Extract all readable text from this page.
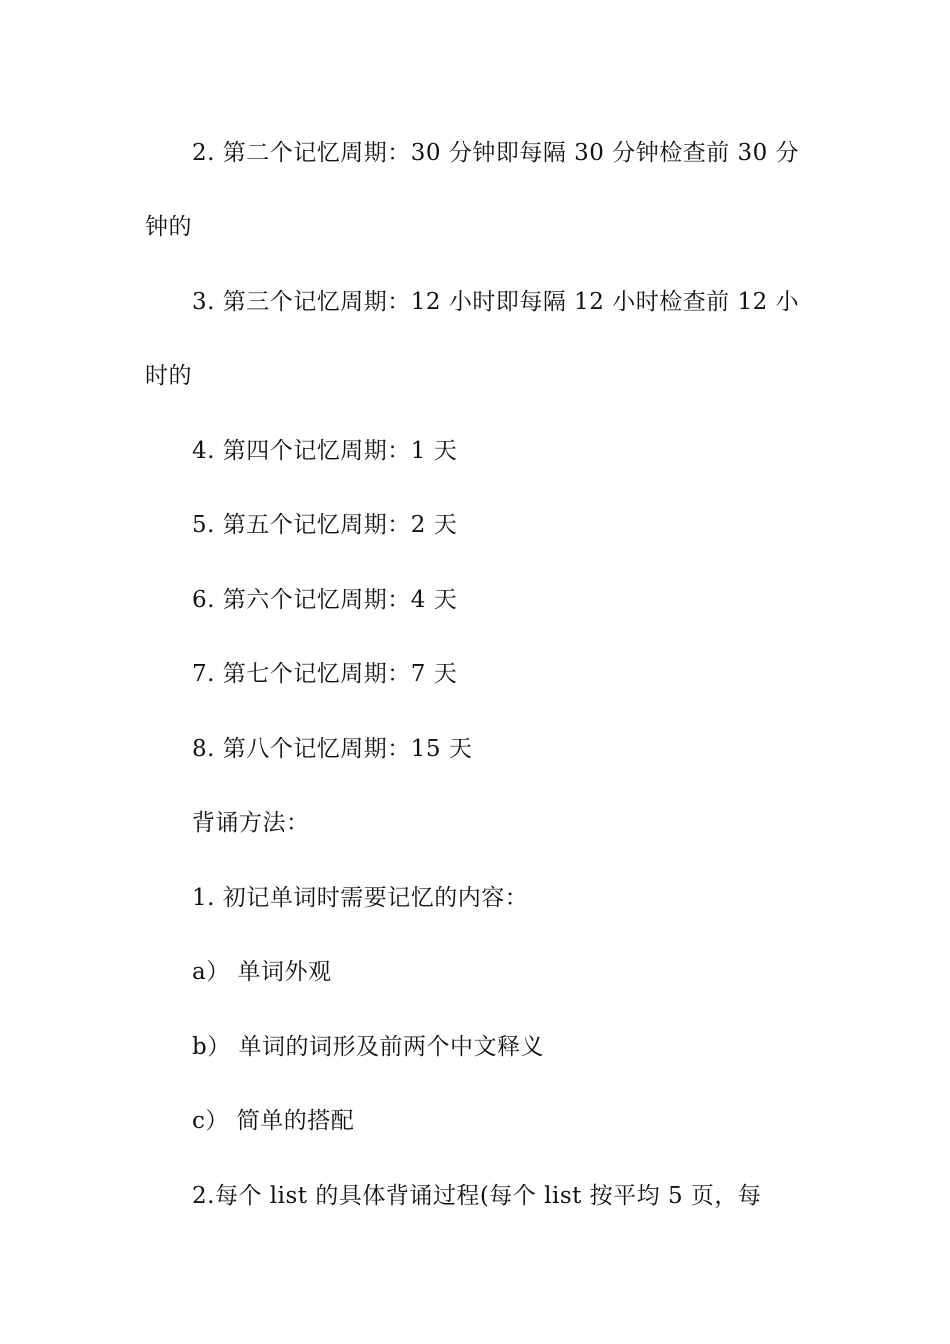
2. 第二个记忆周期：30 分钟即每隔 30 分钟检查前 30 分
钟的
3. 第三个记忆周期：12 小时即每隔 12 小时检查前 12 小
时的
4. 第四个记忆周期：1 天
5. 第五个记忆周期：2 天
6. 第六个记忆周期：4 天
7. 第七个记忆周期：7 天
8. 第八个记忆周期：15 天
背诵方法：
1. 初记单词时需要记忆的内容：
a） 单词外观
b） 单词的词形及前两个中文释义
c） 简单的搭配
2.每个 list 的具体背诵过程(每个 list 按平均 5 页，每
